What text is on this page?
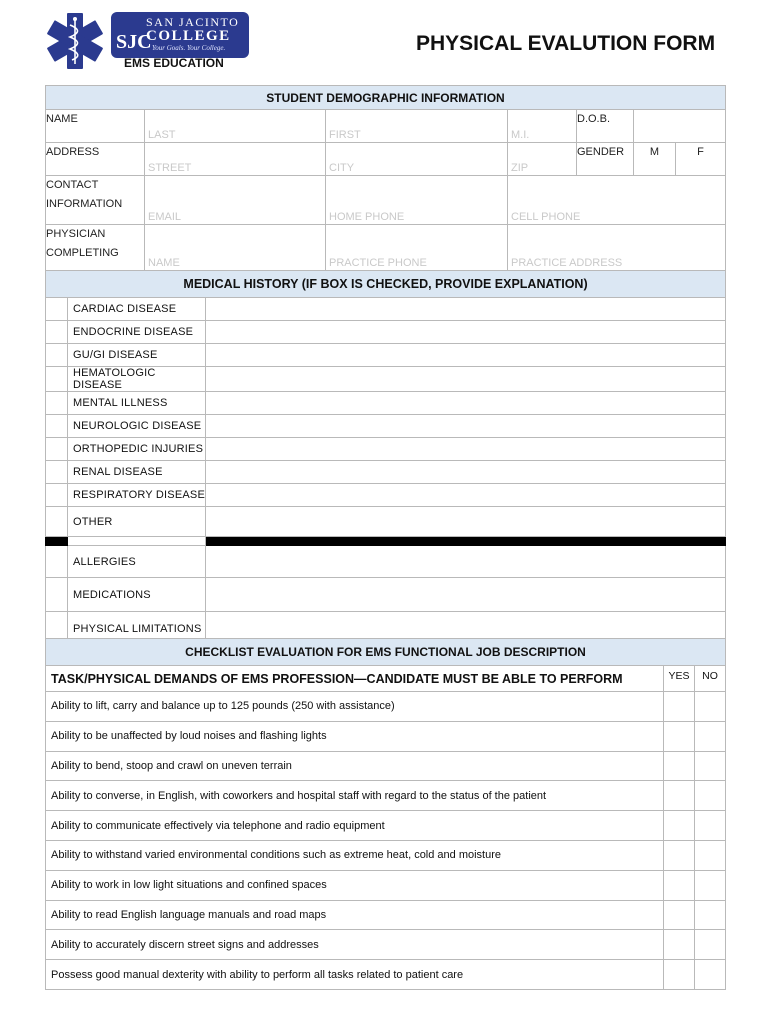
SJC
SAN JACINTO
COLLEGE
Your Goals. Your College.
EMS EDUCATION
PHYSICAL EVALUTION FORM
STUDENT DEMOGRAPHIC INFORMATION						
NAME	LAST	FIRST	M.I.	D.O.B.		
ADDRESS	STREET	CITY	ZIP	GENDER	M	F

CONTACT
INFORMATION	EMAIL	HOME PHONE	CELL PHONE			

PHYSICIAN
COMPLETING	NAME	PRACTICE PHONE	PRACTICE ADDRESS			
MEDICAL HISTORY (IF BOX IS CHECKED, PROVIDE EXPLANATION)		
	CARDIAC DISEASE	
	ENDOCRINE DISEASE	
	GU/GI DISEASE	
	HEMATOLOGIC DISEASE	
	MENTAL ILLNESS	
	NEUROLOGIC DISEASE	
	ORTHOPEDIC INJURIES	
	RENAL DISEASE	
	RESPIRATORY DISEASE	
	OTHER	

	ALLERGIES	
	MEDICATIONS	
	PHYSICAL LIMITATIONS	
CHECKLIST EVALUATION FOR EMS FUNCTIONAL JOB DESCRIPTION		
TASK/PHYSICAL DEMANDS OF EMS PROFESSION—CANDIDATE MUST BE ABLE TO PERFORM	YES	NO
Ability to lift, carry and balance up to 125 pounds (250 with assistance)		
Ability to be unaffected by loud noises and flashing lights		
Ability to bend, stoop and crawl on uneven terrain		
Ability to converse, in English, with coworkers and hospital staff with regard to the status of the patient		
Ability to communicate effectively via telephone and radio equipment		
Ability to withstand varied environmental conditions such as extreme heat, cold and moisture		
Ability to work in low light situations and confined spaces		
Ability to read English language manuals and road maps		
Ability to accurately discern street signs and addresses		
Possess good manual dexterity with ability to perform all tasks related to patient care		
